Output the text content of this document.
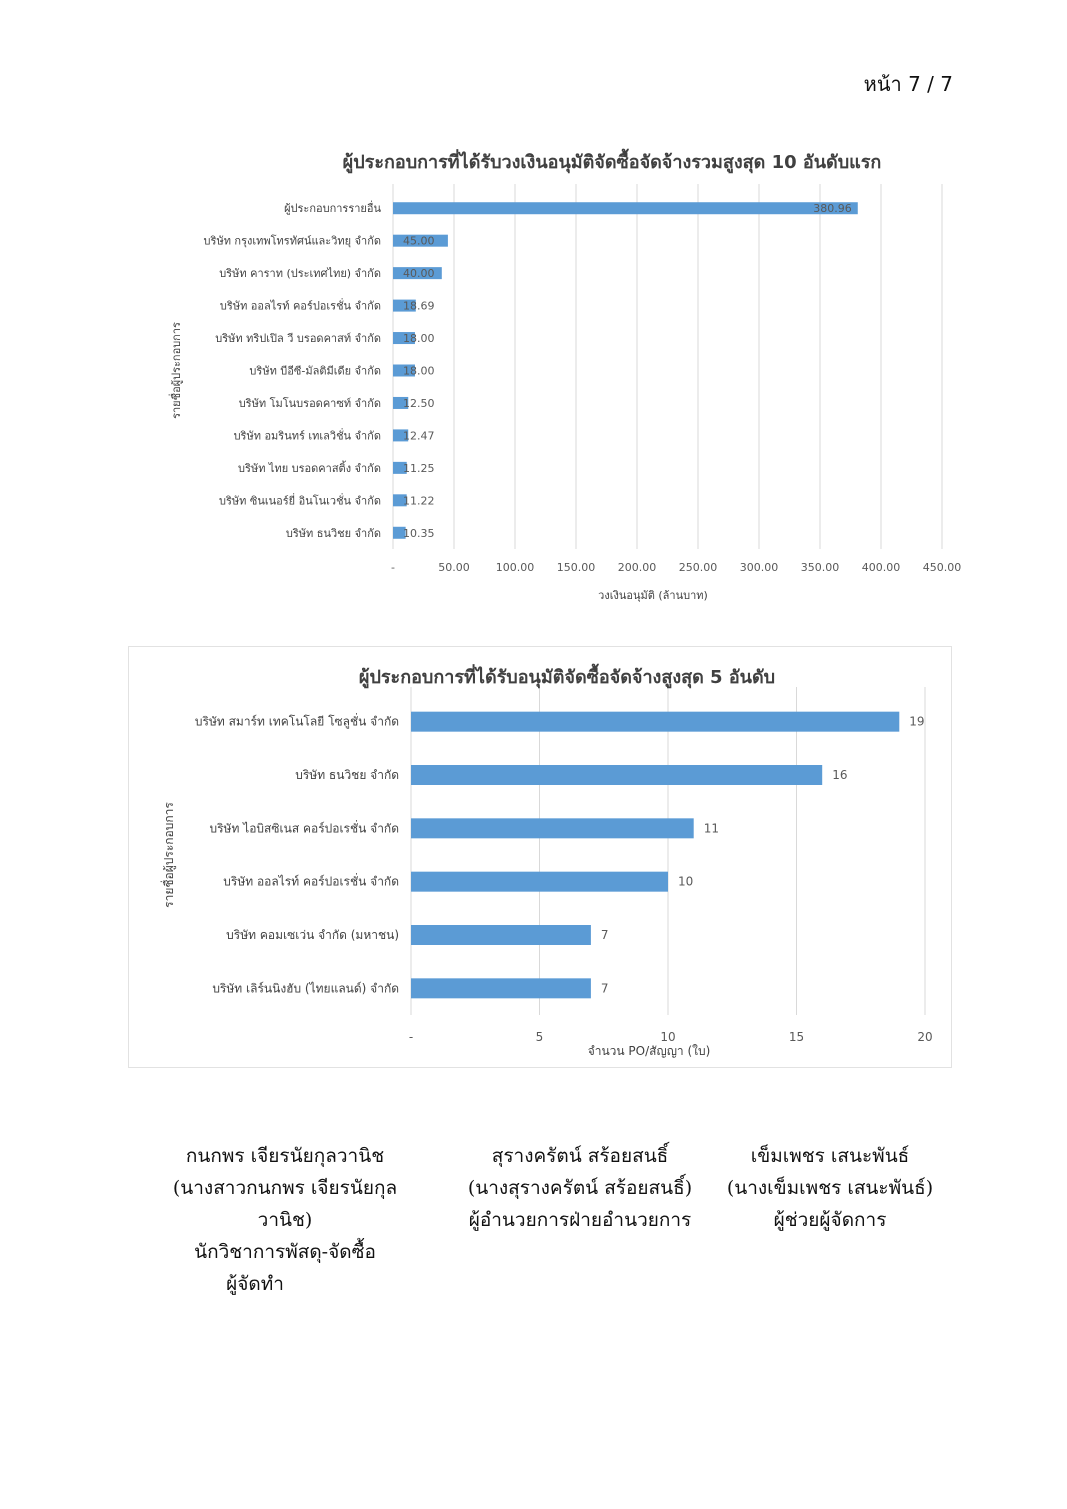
หน้า 7 / 7
-	50.00 100.00 150.00 200.00 250.00 300.00 350.00 400.00 450.00
ผู้ประกอบการที่ได้รับวงเงินอนุมัติจัดซื้อจัดจ้างรวมสูงสุด 10 อันดับแรก
วงเงินอนุมัติ (ล้านบาท)
รายชื่อผู้ประกอบการ
ผู้ประกอบการรายอื่น	380.96
บริษัท กรุงเทพโทรทัศน์และวิทยุ จำกัด 45.00
บริษัท คาราท (ประเทศไทย) จำกัด 40.00
บริษัท ออลไรท์ คอร์ปอเรชั่น จำกัด 18.69
บริษัท ทริปเปิล วี บรอดคาสท์ จำกัด 18.00
บริษัท บีอีซี-มัลติมีเดีย จำกัด 18.00
บริษัท โมโนบรอดคาซท์ จำกัด 12.50
บริษัท อมรินทร์ เทเลวิชั่น จำกัด 12.47
บริษัท ไทย บรอดคาสติ้ง จำกัด 11.25
บริษัท ซินเนอร์ยี่ อินโนเวชั่น จำกัด 11.22
บริษัท ธนวิชย จำกัด 10.35
-	5	10	15	20
ผู้ประกอบการที่ได้รับอนุมัติจัดซื้อจัดจ้างสูงสุด 5 อันดับ
จำนวน PO/สัญญา (ใบ)
รายชื่อผู้ประกอบการ
บริษัท สมาร์ท เทคโนโลยี โซลูชั่น จำกัด	19
บริษัท ธนวิชย จำกัด	16
บริษัท ไอบิสซิเนส คอร์ปอเรชั่น จำกัด	11
บริษัท ออลไรท์ คอร์ปอเรชั่น จำกัด	10
บริษัท คอมเซเว่น จำกัด (มหาชน)	7
บริษัท เลิร์นนิงฮับ (ไทยแลนด์) จำกัด	7
กนกพร เจียรนัยกุลวานิช
(นางสาวกนกพร เจียรนัยกุลวานิช)
นักวิชาการพัสดุ-จัดซื้อ
ผู้จัดทำ
สุรางครัตน์ สร้อยสนธิ์
(นางสุรางครัตน์ สร้อยสนธิ์)
ผู้อำนวยการฝ่ายอำนวยการ
เข็มเพชร เสนะพันธ์
(นางเข็มเพชร เสนะพันธ์)
ผู้ช่วยผู้จัดการ
